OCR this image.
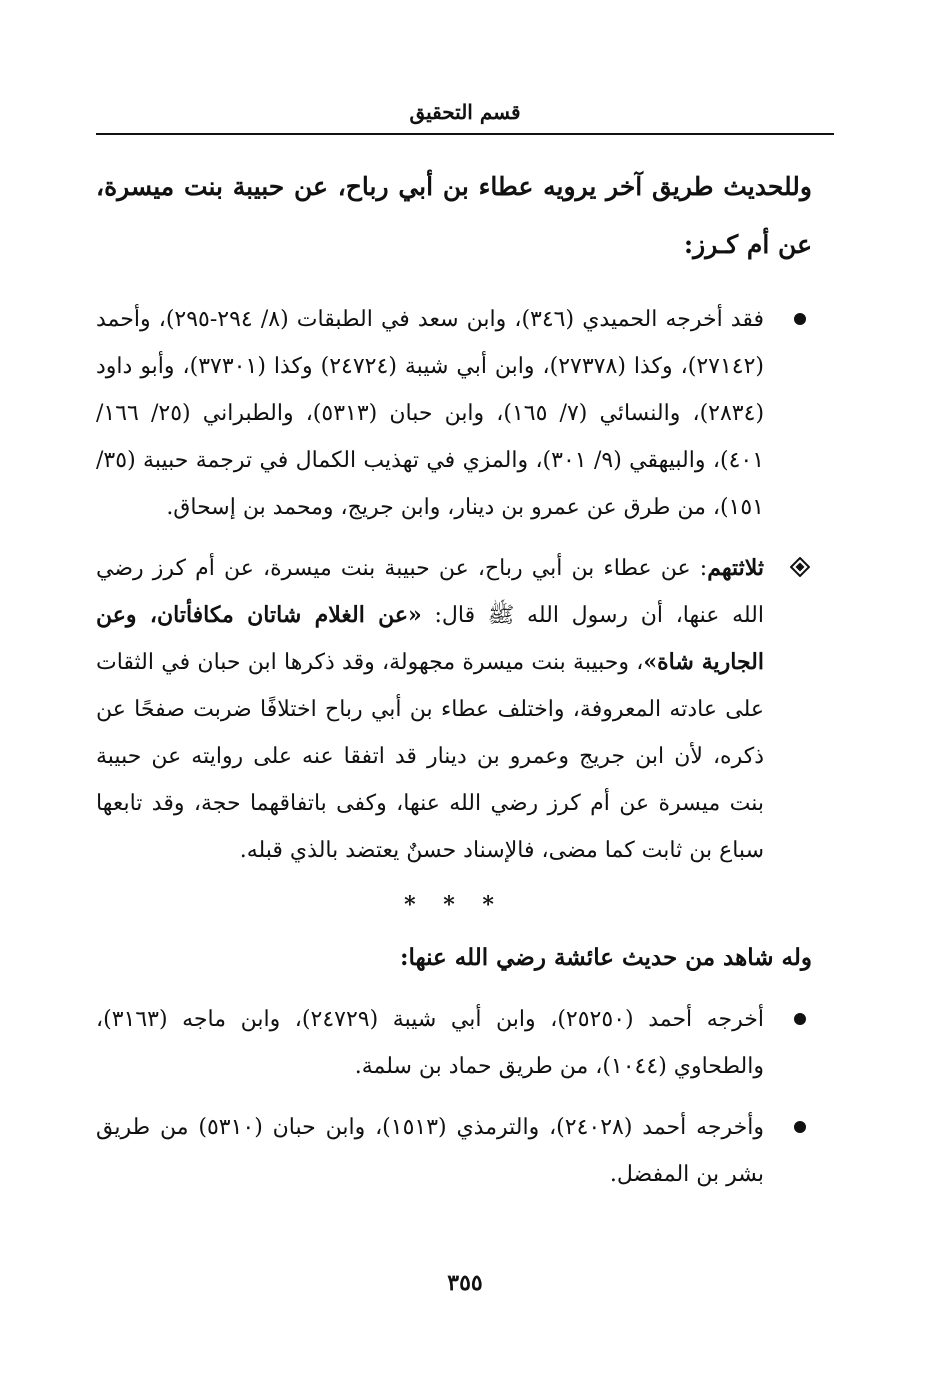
قسم التحقيق

وللحديث طريق آخر يرويه عطاء بن أبي رباح، عن حبيبة بنت ميسرة، عن أم كـرز:

فقد أخرجه الحميدي (٣٤٦)، وابن سعد في الطبقات (٨/ ٢٩٤-٢٩٥)، وأحمد (٢٧١٤٢)، وكذا (٢٧٣٧٨)، وابن أبي شيبة (٢٤٧٢٤) وكذا (٣٧٣٠١)، وأبو داود (٢٨٣٤)، والنسائي (٧/ ١٦٥)، وابن حبان (٥٣١٣)، والطبراني (٢٥/ ١٦٦/ ٤٠١)، والبيهقي (٩/ ٣٠١)، والمزي في تهذيب الكمال في ترجمة حبيبة (٣٥/ ١٥١)، من طرق عن عمرو بن دينار، وابن جريج، ومحمد بن إسحاق.
ثلاثتهم: عن عطاء بن أبي رباح، عن حبيبة بنت ميسرة، عن أم كرز رضي الله عنها، أن رسول الله ﷺ قال: «عن الغلام شاتان مكافأتان، وعن الجارية شاة»، وحبيبة بنت ميسرة مجهولة، وقد ذكرها ابن حبان في الثقات على عادته المعروفة، واختلف عطاء بن أبي رباح اختلافًا ضربت صفحًا عن ذكره، لأن ابن جريج وعمرو بن دينار قد اتفقا عنه على روايته عن حبيبة بنت ميسرة عن أم كرز رضي الله عنها، وكفى باتفاقهما حجة، وقد تابعها سباع بن ثابت كما مضى، فالإسناد حسنٌ يعتضد بالذي قبله.
* * *

وله شاهد من حديث عائشة رضي الله عنها:

أخرجه أحمد (٢٥٢٥٠)، وابن أبي شيبة (٢٤٧٢٩)، وابن ماجه (٣١٦٣)، والطحاوي (١٠٤٤)، من طريق حماد بن سلمة.
وأخرجه أحمد (٢٤٠٢٨)، والترمذي (١٥١٣)، وابن حبان (٥٣١٠) من طريق بشر بن المفضل.
٣٥٥
